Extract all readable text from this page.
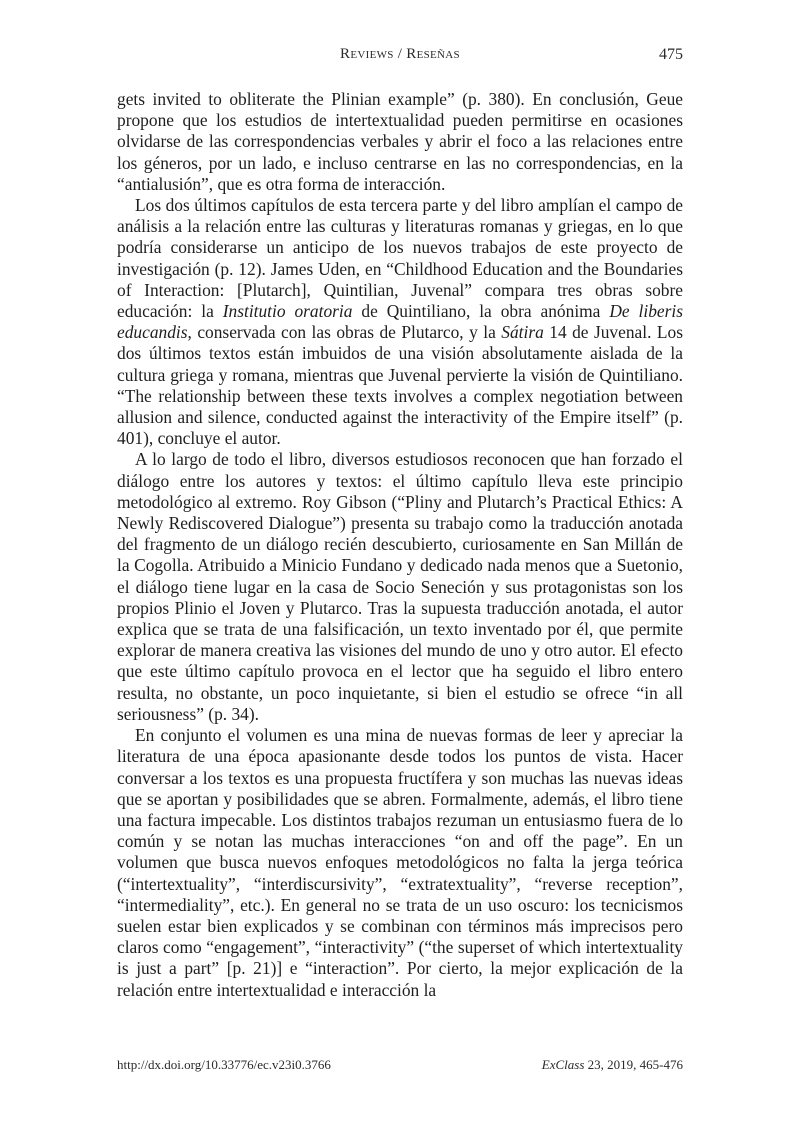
Reviews / Reseñas	475

gets invited to obliterate the Plinian example” (p. 380). En conclusión, Geue propone que los estudios de intertextualidad pueden permitirse en ocasiones olvidarse de las correspondencias verbales y abrir el foco a las relaciones entre los géneros, por un lado, e incluso centrarse en las no correspondencias, en la “antialusión”, que es otra forma de interacción.

Los dos últimos capítulos de esta tercera parte y del libro amplían el campo de análisis a la relación entre las culturas y literaturas romanas y griegas, en lo que podría considerarse un anticipo de los nuevos trabajos de este proyecto de investigación (p. 12). James Uden, en “Childhood Education and the Boundaries of Interaction: [Plutarch], Quintilian, Juvenal” compara tres obras sobre educación: la Institutio oratoria de Quintiliano, la obra anónima De liberis educandis, conservada con las obras de Plutarco, y la Sátira 14 de Juvenal. Los dos últimos textos están imbuidos de una visión absolutamente aislada de la cultura griega y romana, mientras que Juvenal pervierte la visión de Quintiliano. “The relationship between these texts involves a complex negotiation between allusion and silence, conducted against the interactivity of the Empire itself” (p. 401), concluye el autor.

A lo largo de todo el libro, diversos estudiosos reconocen que han forzado el diálogo entre los autores y textos: el último capítulo lleva este principio metodológico al extremo. Roy Gibson (“Pliny and Plutarch’s Practical Ethics: A Newly Rediscovered Dialogue”) presenta su trabajo como la traducción anotada del fragmento de un diálogo recién descubierto, curiosamente en San Millán de la Cogolla. Atribuido a Minicio Fundano y dedicado nada menos que a Suetonio, el diálogo tiene lugar en la casa de Socio Seneción y sus protagonistas son los propios Plinio el Joven y Plutarco. Tras la supuesta traducción anotada, el autor explica que se trata de una falsificación, un texto inventado por él, que permite explorar de manera creativa las visiones del mundo de uno y otro autor. El efecto que este último capítulo provoca en el lector que ha seguido el libro entero resulta, no obstante, un poco inquietante, si bien el estudio se ofrece “in all seriousness” (p. 34).

En conjunto el volumen es una mina de nuevas formas de leer y apreciar la literatura de una época apasionante desde todos los puntos de vista. Hacer conversar a los textos es una propuesta fructífera y son muchas las nuevas ideas que se aportan y posibilidades que se abren. Formalmente, además, el libro tiene una factura impecable. Los distintos trabajos rezuman un entusiasmo fuera de lo común y se notan las muchas interacciones “on and off the page”. En un volumen que busca nuevos enfoques metodológicos no falta la jerga teórica (“intertextuality”, “interdiscursivity”, “extratextuality”, “reverse reception”, “intermediality”, etc.). En general no se trata de un uso oscuro: los tecnicismos suelen estar bien explicados y se combinan con términos más imprecisos pero claros como “engagement”, “interactivity” (“the superset of which intertextuality is just a part” [p. 21)] e “interaction”. Por cierto, la mejor explicación de la relación entre intertextualidad e interacción la

http://dx.doi.org/10.33776/ec.v23i0.3766	ExClass 23, 2019, 465-476
